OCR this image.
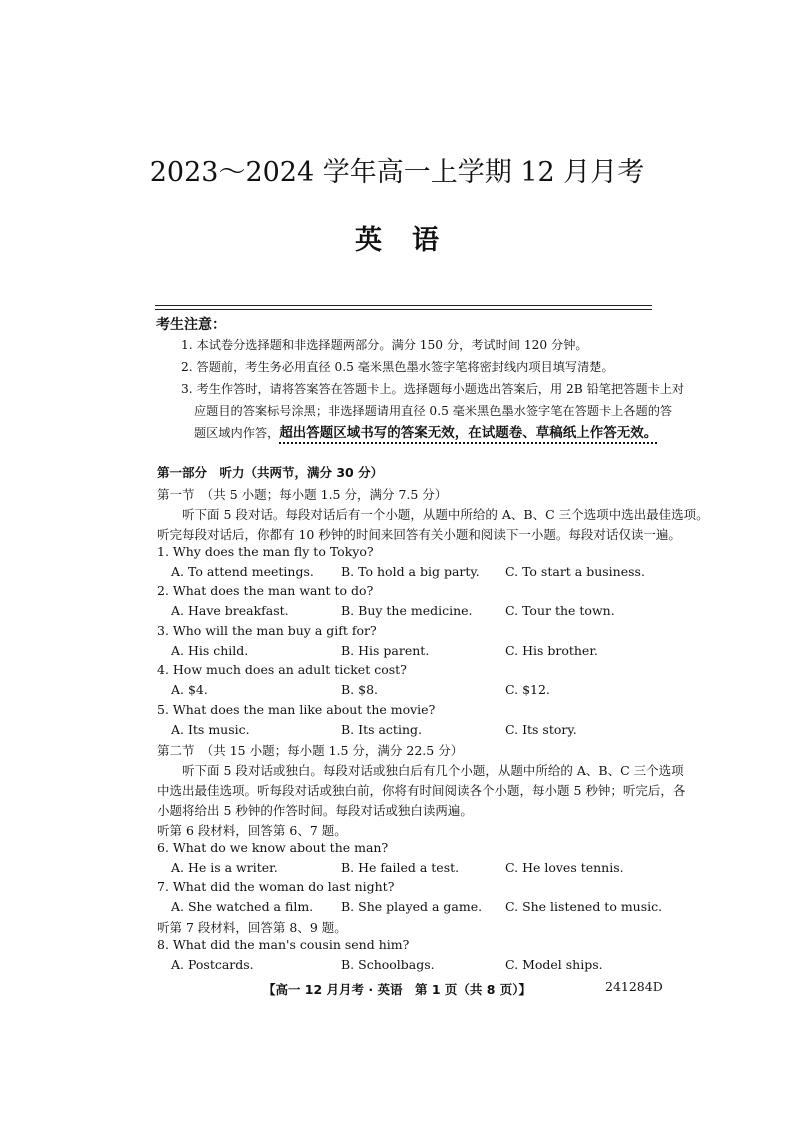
2023～2024 学年高一上学期 12 月月考
英语
考生注意：
1. 本试卷分选择题和非选择题两部分。满分 150 分，考试时间 120 分钟。
2. 答题前，考生务必用直径 0.5 毫米黑色墨水签字笔将密封线内项目填写清楚。
3. 考生作答时，请将答案答在答题卡上。选择题每小题选出答案后，用 2B 铅笔把答题卡上对
应题目的答案标号涂黑；非选择题请用直径 0.5 毫米黑色墨水签字笔在答题卡上各题的答
题区域内作答，超出答题区域书写的答案无效，在试题卷、草稿纸上作答无效。
第一部分　听力（共两节，满分 30 分）
第一节　（共 5 小题；每小题 1.5 分，满分 7.5 分）
听下面 5 段对话。每段对话后有一个小题，从题中所给的 A、B、C 三个选项中选出最佳选项。
听完每段对话后，你都有 10 秒钟的时间来回答有关小题和阅读下一小题。每段对话仅读一遍。
1. Why does the man fly to Tokyo?
A. To attend meetings. B. To hold a big party. C. To start a business.
2. What does the man want to do?
A. Have breakfast.	B. Buy the medicine.	C. Tour the town.
3. Who will the man buy a gift for?
A. His child.	B. His parent.	C. His brother.
4. How much does an adult ticket cost?
A. $4.	B. $8.	C. $12.
5. What does the man like about the movie?
A. Its music.	B. Its acting.	C. Its story.
第二节　（共 15 小题；每小题 1.5 分，满分 22.5 分）
听下面 5 段对话或独白。每段对话或独白后有几个小题，从题中所给的 A、B、C 三个选项
中选出最佳选项。听每段对话或独白前，你将有时间阅读各个小题，每小题 5 秒钟；听完后，各
小题将给出 5 秒钟的作答时间。每段对话或独白读两遍。
听第 6 段材料，回答第 6、7 题。
6. What do we know about the man?
A. He is a writer.	B. He failed a test.	C. He loves tennis.
7. What did the woman do last night?
A. She watched a film. B. She played a game. C. She listened to music.
听第 7 段材料，回答第 8、9 题。
8. What did the man's cousin send him?
A. Postcards.	B. Schoolbags.	C. Model ships.
【高一 12 月月考 · 英语　第 1 页（共 8 页）】	241284D
